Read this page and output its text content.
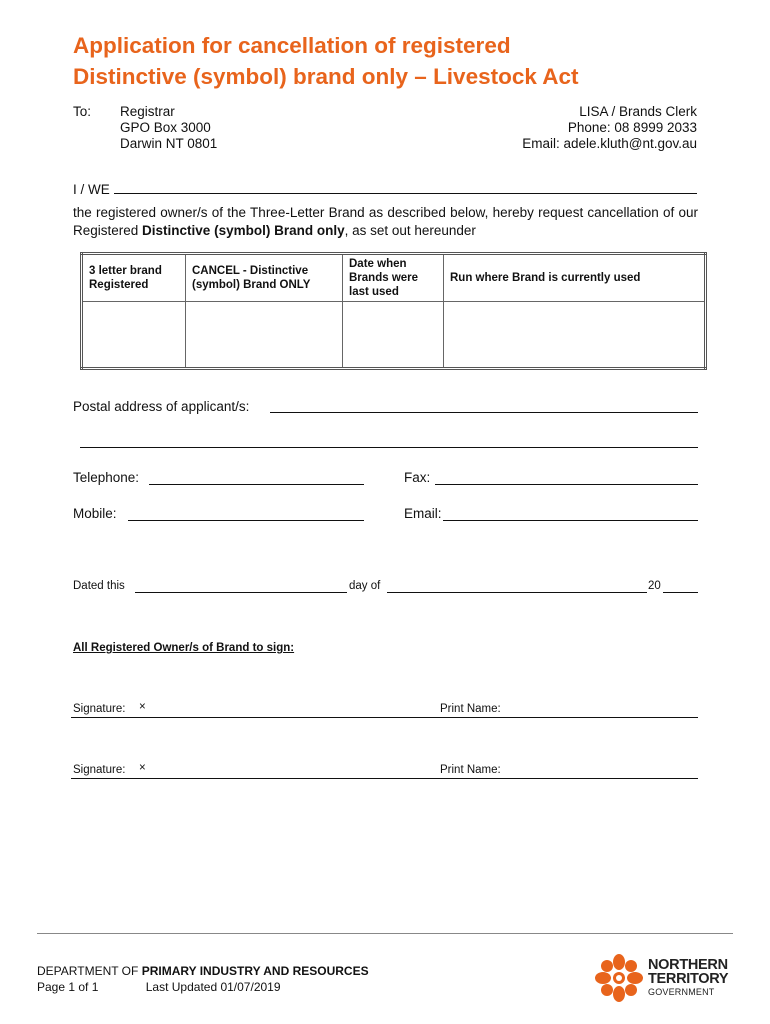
Application for cancellation of registered
Distinctive (symbol) brand only – Livestock Act
To: Registrar
GPO Box 3000
Darwin NT 0801
LISA / Brands Clerk
Phone: 08 8999 2033
Email: adele.kluth@nt.gov.au
I / WE
the registered owner/s of the Three-Letter Brand as described below, hereby request cancellation of our Registered Distinctive (symbol) Brand only, as set out hereunder
3 letter brand Registered	CANCEL - Distinctive (symbol) Brand ONLY	Date when Brands were last used	Run where Brand is currently used

Postal address of applicant/s:
Telephone:	Fax:
Mobile:	Email:
Dated this	day of	20
All Registered Owner/s of Brand to sign:
Signature: ×	Print Name:
Signature: ×	Print Name:
DEPARTMENT OF PRIMARY INDUSTRY AND RESOURCES
Page 1 of 1	Last Updated 01/07/2019
NORTHERN
TERRITORY
GOVERNMENT
